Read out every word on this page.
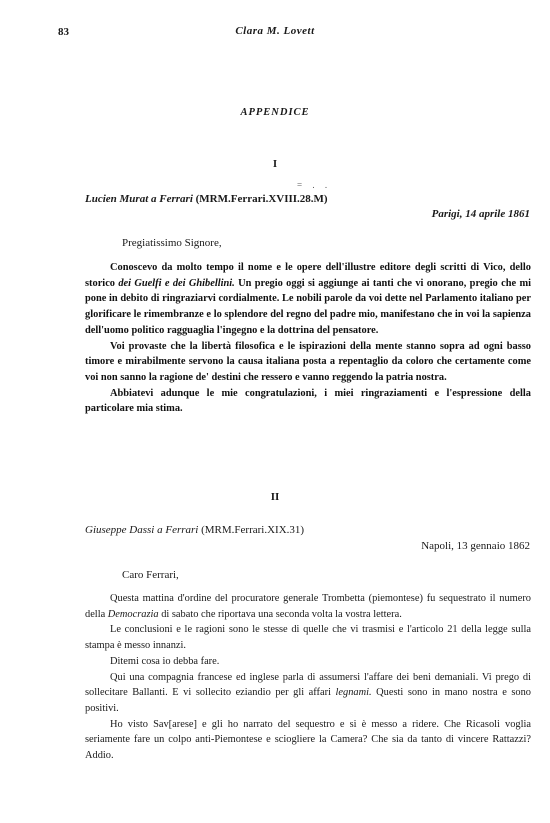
83	Clara M. Lovett
APPENDICE
I
= . .
Lucien Murat a Ferrari (MRM.Ferrari.XVIII.28.M)
Parigi, 14 aprile 1861
Pregiatissimo Signore,

Conoscevo da molto tempo il nome e le opere dell'illustre editore degli scritti di Vico, dello storico dei Guelfi e dei Ghibellini. Un pregio oggi si aggiunge ai tanti che vi onorano, pregio che mi pone in debito di ringraziarvi cordialmente. Le nobili parole da voi dette nel Parlamento italiano per glorificare le rimembranze e lo splendore del regno del padre mio, manifestano che in voi la sapienza dell'uomo politico ragguaglia l'ingegno e la dottrina del pensatore.

Voi provaste che la libertà filosofica e le ispirazioni della mente stanno sopra ad ogni basso timore e mirabilmente servono la causa italiana posta a repentaglio da coloro che certamente come voi non sanno la ragione de' destini che ressero e vanno reggendo la patria nostra.

Abbiatevi adunque le mie congratulazioni, i miei ringraziamenti e l'espressione della particolare mia stima.

II
Giuseppe Dassi a Ferrari (MRM.Ferrari.XIX.31)
Napoli, 13 gennaio 1862
Caro Ferrari,

Questa mattina d'ordine del procuratore generale Trombetta (piemontese) fu sequestrato il numero della Democrazia di sabato che riportava una seconda volta la vostra lettera.

Le conclusioni e le ragioni sono le stesse di quelle che vi trasmisi e l'articolo 21 della legge sulla stampa è messo innanzi.

Ditemi cosa io debba fare.

Qui una compagnia francese ed inglese parla di assumersi l'affare dei beni demaniali. Vi prego di sollecitare Ballanti. E vi sollecito eziandio per gli affari legnami. Questi sono in mano nostra e sono positivi.

Ho visto Sav[arese] e gli ho narrato del sequestro e si è messo a ridere. Che Ricasoli voglia seriamente fare un colpo anti-Piemontese e sciogliere la Camera? Che sia da tanto di vincere Rattazzi? Addio.
